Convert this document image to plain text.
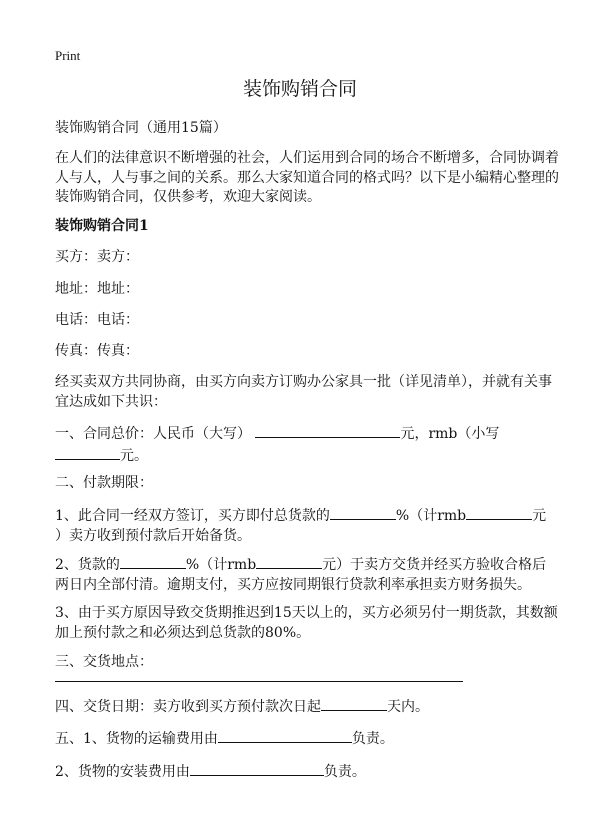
Print
装饰购销合同
装饰购销合同（通用15篇）
在人们的法律意识不断增强的社会，人们运用到合同的场合不断增多，合同协调着
人与人，人与事之间的关系。那么大家知道合同的格式吗？以下是小编精心整理的
装饰购销合同，仅供参考，欢迎大家阅读。
装饰购销合同1
买方：卖方：
地址：地址：
电话：电话：
传真：传真：
经买卖双方共同协商，由买方向卖方订购办公家具一批（详见清单），并就有关事
宜达成如下共识：
一、合同总价：人民币（大写）	元，rmb（小写
元。
二、付款期限：
1、此合同一经双方签订，买方即付总货款的	%（计rmb	元
）卖方收到预付款后开始备货。
2、货款的	%（计rmb	元）于卖方交货并经买方验收合格后
两日内全部付清。逾期支付，买方应按同期银行贷款利率承担卖方财务损失。
3、由于买方原因导致交货期推迟到15天以上的，买方必须另付一期货款，其数额
加上预付款之和必须达到总货款的80%。
三、交货地点：
四、交货日期：卖方收到买方预付款次日起	天内。
五、1、货物的运输费用由	负责。
2、货物的安装费用由	负责。
